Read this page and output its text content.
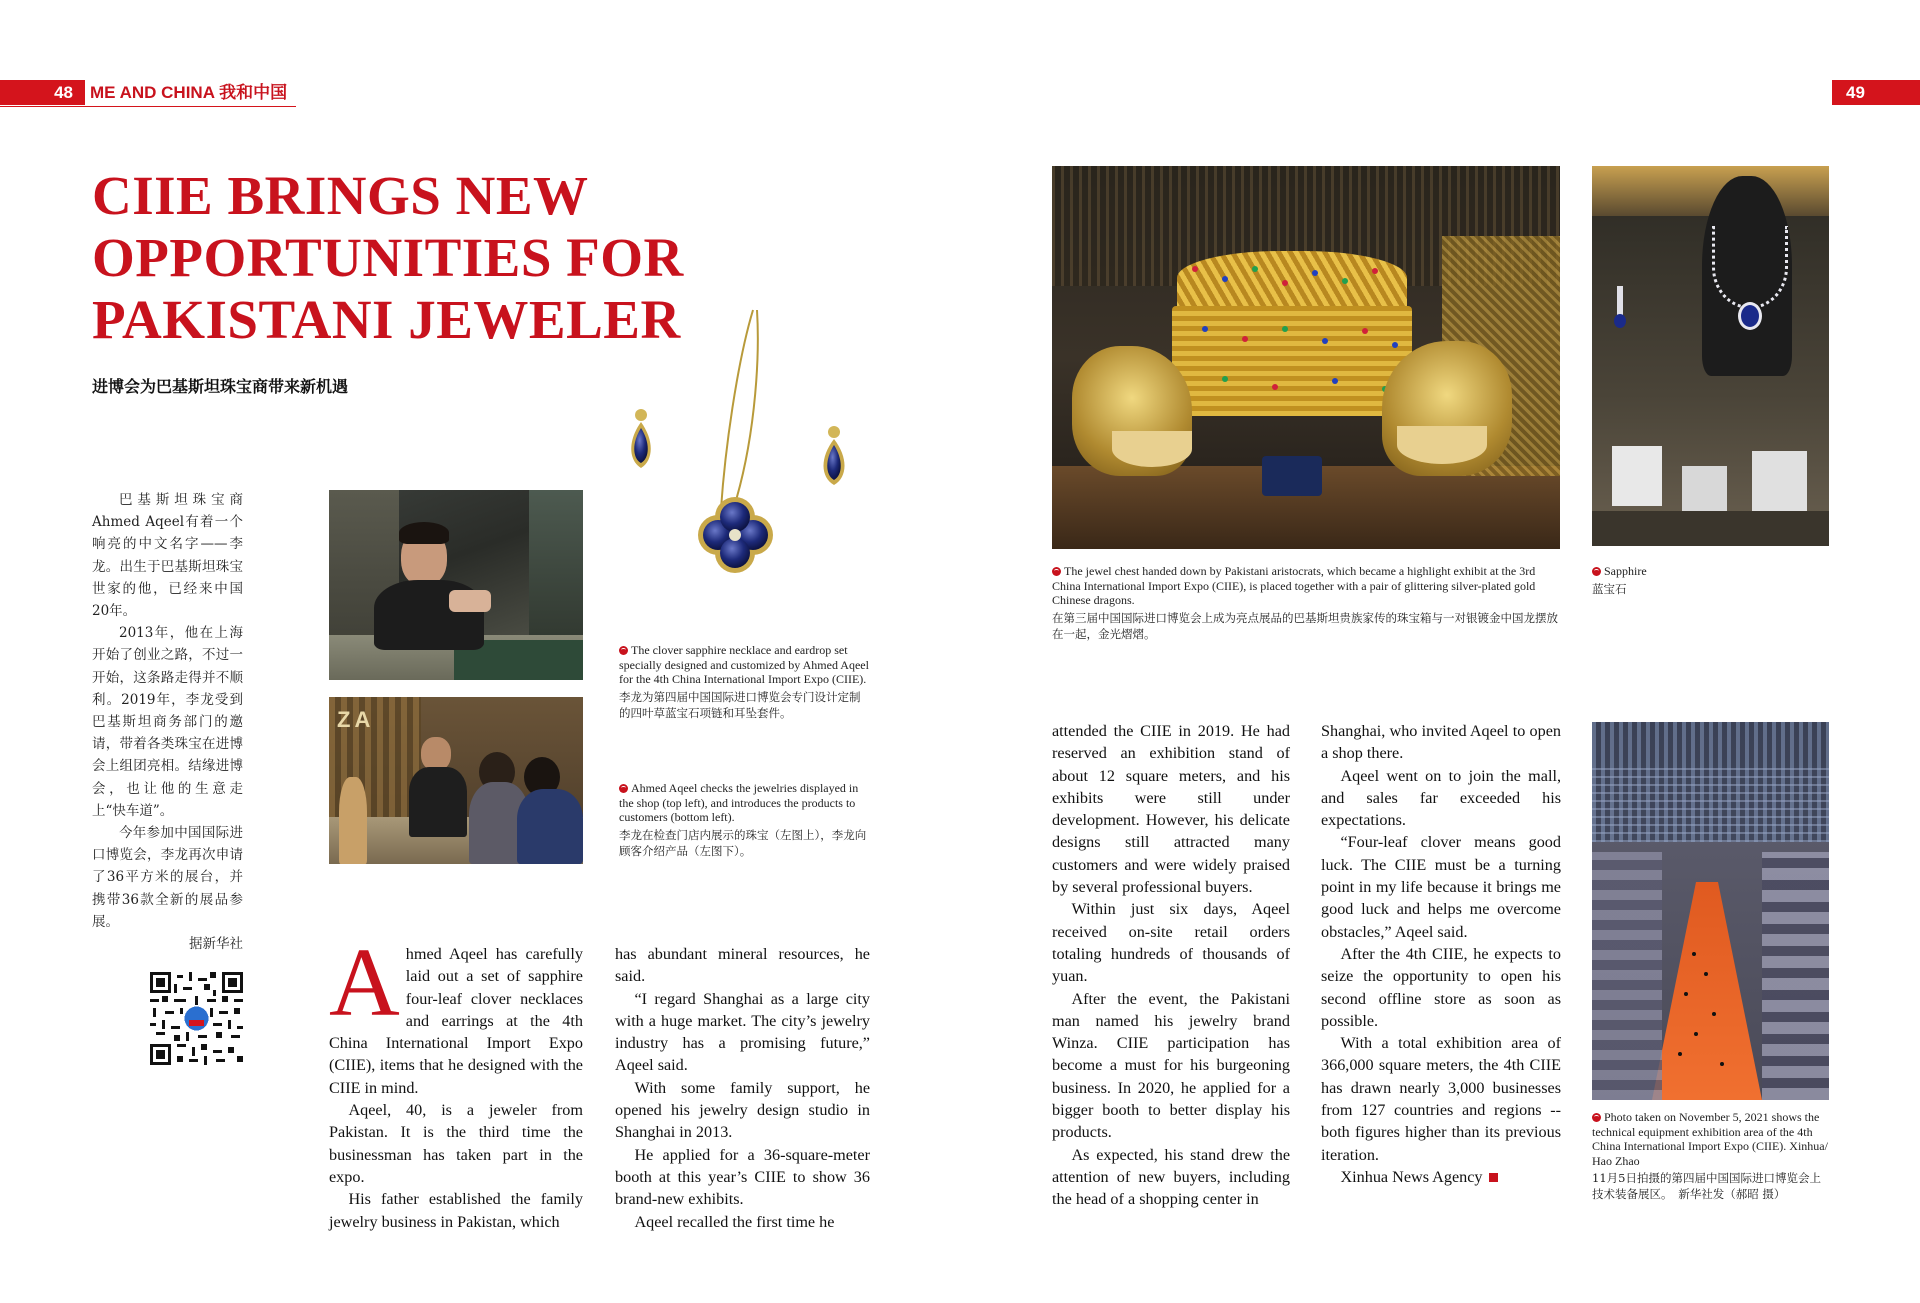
48	ME AND CHINA 我和中国	49
CIIE BRINGS NEW
OPPORTUNITIES FOR
PAKISTANI JEWELER
进博会为巴基斯坦珠宝商带来新机遇

巴基斯坦珠宝商Ahmed Aqeel有着一个响亮的中文名字——李龙。出生于巴基斯坦珠宝世家的他，已经来中国20年。

2013年，他在上海开始了创业之路，不过一开始，这条路走得并不顺利。2019年，李龙受到巴基斯坦商务部门的邀请，带着各类珠宝在进博会上组团亮相。结缘进博会，也让他的生意走上“快车道”。

今年参加中国国际进口博览会，李龙再次申请了36平方米的展台，并携带36款全新的展品参展。

据新华社
ZA
The clover sapphire necklace and eardrop set specially designed and customized by Ahmed Aqeel for the 4th China International Import Expo (CIIE).
李龙为第四届中国国际进口博览会专门设计定制的四叶草蓝宝石项链和耳坠套件。
Ahmed Aqeel checks the jewelries displayed in the shop (top left), and introduces the products to customers (bottom left).
李龙在检查门店内展示的珠宝（左图上），李龙向顾客介绍产品（左图下）。

Ahmed Aqeel has carefully laid out a set of sapphire four-leaf clover necklaces and earrings at the 4th China International Import Expo (CIIE), items that he designed with the CIIE in mind.

Aqeel, 40, is a jeweler from Pakistan. It is the third time the businessman has taken part in the expo.

His father established the family jewelry business in Pakistan, which

has abundant mineral resources, he said.

“I regard Shanghai as a large city with a huge market. The city’s jewelry industry has a promising future,” Aqeel said.

With some family support, he opened his jewelry design studio in Shanghai in 2013.

He applied for a 36-square-meter booth at this year’s CIIE to show 36 brand-new exhibits.

Aqeel recalled the first time he

The jewel chest handed down by Pakistani aristocrats, which became a highlight exhibit at the 3rd China International Import Expo (CIIE), is placed together with a pair of glittering silver-plated gold Chinese dragons.
在第三届中国国际进口博览会上成为亮点展品的巴基斯坦贵族家传的珠宝箱与一对银镀金中国龙摆放在一起，金光熠熠。
Sapphire
蓝宝石

attended the CIIE in 2019. He had reserved an exhibition stand of about 12 square meters, and his exhibits were still under development. However, his delicate designs still attracted many customers and were widely praised by several professional buyers.

Within just six days, Aqeel received on-site retail orders totaling hundreds of thousands of yuan.

After the event, the Pakistani man named his jewelry brand Winza. CIIE participation has become a must for his burgeoning business. In 2020, he applied for a bigger booth to better display his products.

As expected, his stand drew the attention of new buyers, including the head of a shopping center in

Shanghai, who invited Aqeel to open a shop there.

Aqeel went on to join the mall, and sales far exceeded his expectations.

“Four-leaf clover means good luck. The CIIE must be a turning point in my life because it brings me good luck and helps me overcome obstacles,” Aqeel said.

After the 4th CIIE, he expects to seize the opportunity to open his second offline store as soon as possible.

With a total exhibition area of 366,000 square meters, the 4th CIIE has drawn nearly 3,000 businesses from 127 countries and regions -- both figures higher than its previous iteration.

Xinhua News Agency

Photo taken on November 5, 2021 shows the technical equipment exhibition area of the 4th China International Import Expo (CIIE). Xinhua/ Hao Zhao
11月5日拍摄的第四届中国国际进口博览会上技术装备展区。　新华社发（郝昭 摄）
